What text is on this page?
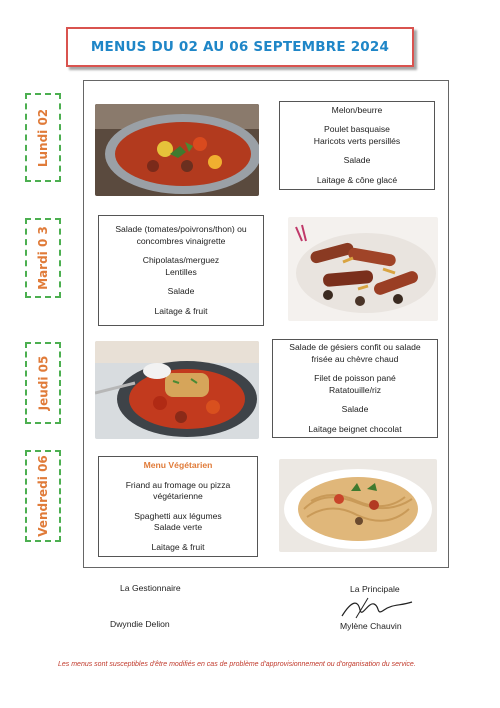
MENUS DU 02 AU 06 SEPTEMBRE 2024
Lundi 02
Mardi 0 3
Jeudi 05
Vendredi 06

Melon/beurre

Poulet basquaise

Haricots verts persillés

Salade

Laitage & cône glacé

Salade (tomates/poivrons/thon) ou

concombres vinaigrette

Chipolatas/merguez

Lentilles

Salade

Laitage & fruit

Salade de gésiers confit ou salade

frisée au chèvre chaud

Filet de poisson pané

Ratatouille/riz

Salade

Laitage beignet chocolat

Menu Végétarien

Friand au fromage ou pizza

végétarienne

Spaghetti aux légumes

Salade verte

Laitage & fruit

La Gestionnaire
Dwyndie Delion
La Principale
Mylène Chauvin
Les menus sont susceptibles d'être modifiés en cas de problème d'approvisionnement ou d'organisation du service.
